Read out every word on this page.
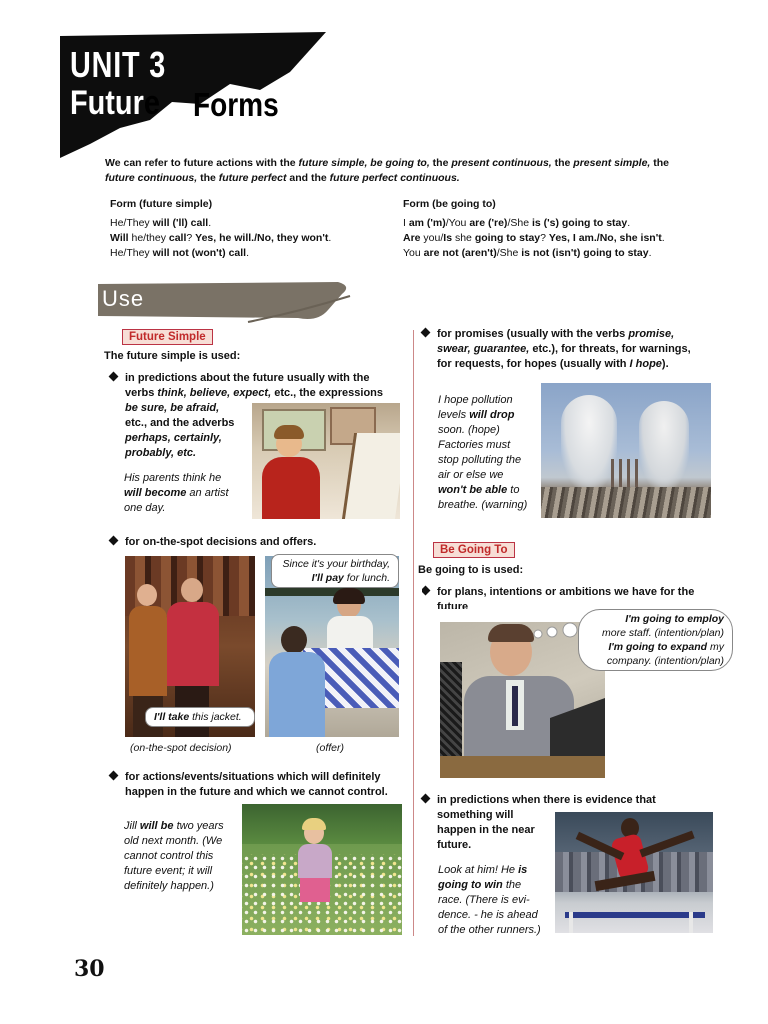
UNIT 3
Future Forms
We can refer to future actions with the future simple, be going to, the present continuous, the present simple, the future continuous, the future perfect and the future perfect continuous.
Form (future simple)
He/They will ('ll) call.
Will he/they call? Yes, he will./No, they won't.
He/They will not (won't) call.
Form (be going to)
I am ('m)/You are ('re)/She is ('s) going to stay.
Are you/Is she going to stay? Yes, I am./No, she isn't.
You are not (aren't)/She is not (isn't) going to stay.
Use
Future Simple
The future simple is used:
in predictions about the future usually with the
verbs think, believe, expect, etc., the expressions
be sure, be afraid,
etc., and the adverbs
perhaps, certainly,
probably, etc.
His parents think he
will become an artist
one day.
for on-the-spot decisions and offers.
I'll take this jacket.
Since it's your birthday,
I'll pay for lunch.
(on-the-spot decision)	(offer)
for actions/events/situations which will definitely
happen in the future and which we cannot control.
Jill will be two years
old next month. (We
cannot control this
future event; it will
definitely happen.)
for promises (usually with the verbs promise,
swear, guarantee, etc.), for threats, for warnings,
for requests, for hopes (usually with I hope).
I hope pollution
levels will drop
soon. (hope)
Factories must
stop polluting the
air or else we
won't be able to
breathe. (warning)
Be Going To
Be going to is used:
for plans, intentions or ambitions we have for the
future
I'm going to employ
more staff. (intention/plan)
I'm going to expand my
company. (intention/plan)
in predictions when there is evidence that
something will
happen in the near
future.
Look at him! He is
going to win the
race. (There is evi-
dence. - he is ahead
of the other runners.)
30
